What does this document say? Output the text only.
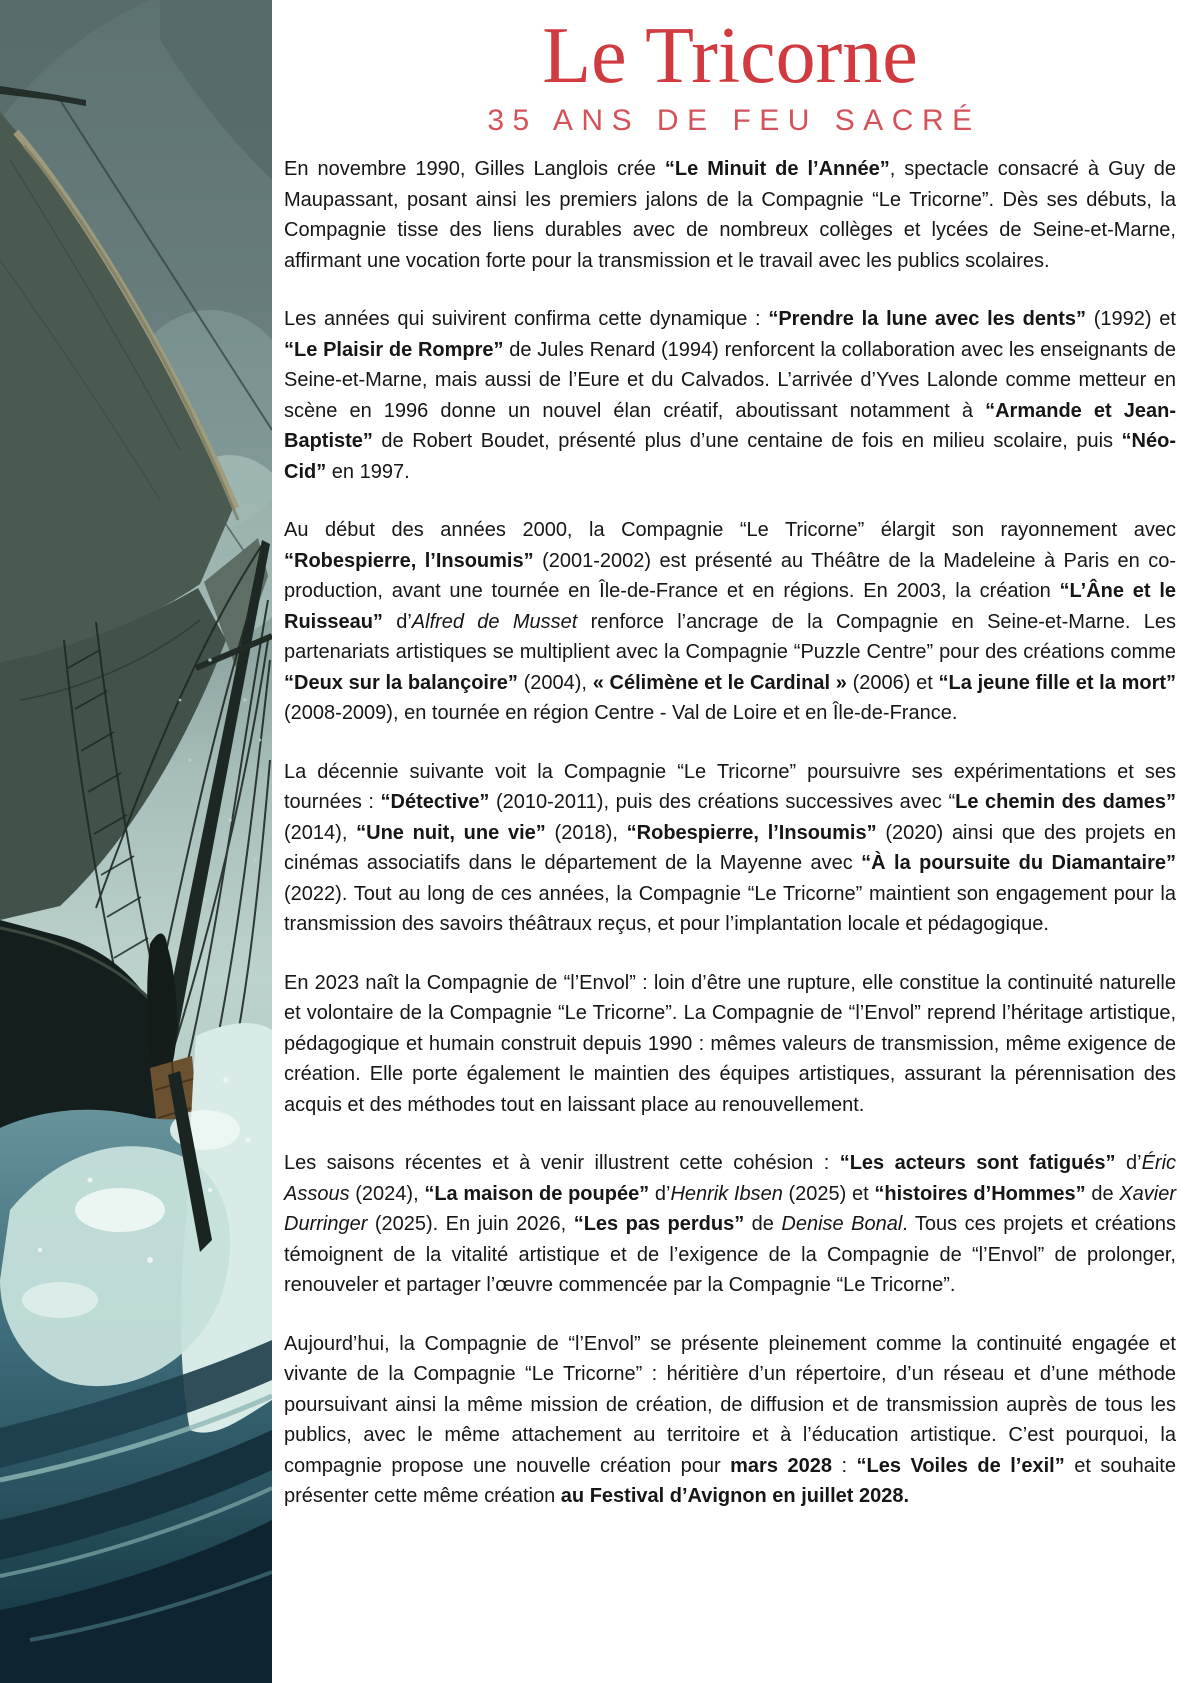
Le Tricorne
35 ANS DE FEU SACRÉ

En novembre 1990, Gilles Langlois crée “Le Minuit de l’Année”, spectacle consacré à Guy de Maupassant, posant ainsi les premiers jalons de la Compagnie “Le Tricorne”. Dès ses débuts, la Compagnie tisse des liens durables avec de nombreux collèges et lycées de Seine-et-Marne, affirmant une vocation forte pour la transmission et le travail avec les publics scolaires.

Les années qui suivirent confirma cette dynamique : “Prendre la lune avec les dents” (1992) et “Le Plaisir de Rompre” de Jules Renard (1994) renforcent la collaboration avec les enseignants de Seine-et-Marne, mais aussi de l’Eure et du Calvados. L’arrivée d’Yves Lalonde comme metteur en scène en 1996 donne un nouvel élan créatif, aboutissant notamment à “Armande et Jean-Baptiste” de Robert Boudet, présenté plus d’une centaine de fois en milieu scolaire, puis “Néo-Cid” en 1997.

Au début des années 2000, la Compagnie “Le Tricorne” élargit son rayonnement avec “Robespierre, l’Insoumis” (2001-2002) est présenté au Théâtre de la Madeleine à Paris en co-production, avant une tournée en Île-de-France et en régions. En 2003, la création “L’Âne et le Ruisseau” d’Alfred de Musset renforce l’ancrage de la Compagnie en Seine-et-Marne. Les partenariats artistiques se multiplient avec la Compagnie “Puzzle Centre” pour des créations comme “Deux sur la balançoire” (2004), « Célimène et le Cardinal » (2006) et “La jeune fille et la mort” (2008-2009), en tournée en région Centre - Val de Loire et en Île-de-France.

La décennie suivante voit la Compagnie “Le Tricorne” poursuivre ses expérimentations et ses tournées : “Détective” (2010-2011), puis des créations successives avec “Le chemin des dames” (2014), “Une nuit, une vie” (2018), “Robespierre, l’Insoumis” (2020) ainsi que des projets en cinémas associatifs dans le département de la Mayenne avec “À la poursuite du Diamantaire” (2022). Tout au long de ces années, la Compagnie “Le Tricorne” maintient son engagement pour la transmission des savoirs théâtraux reçus, et pour l’implantation locale et pédagogique.

En 2023 naît la Compagnie de “l’Envol” : loin d’être une rupture, elle constitue la continuité naturelle et volontaire de la Compagnie “Le Tricorne”. La Compagnie de “l’Envol” reprend l’héritage artistique, pédagogique et humain construit depuis 1990 : mêmes valeurs de transmission, même exigence de création. Elle porte également le maintien des équipes artistiques, assurant la pérennisation des acquis et des méthodes tout en laissant place au renouvellement.

Les saisons récentes et à venir illustrent cette cohésion : “Les acteurs sont fatigués” d’Éric Assous (2024), “La maison de poupée” d’Henrik Ibsen (2025) et “histoires d’Hommes” de Xavier Durringer (2025). En juin 2026, “Les pas perdus” de Denise Bonal. Tous ces projets et créations témoignent de la vitalité artistique et de l’exigence de la Compagnie de “l’Envol” de prolonger, renouveler et partager l’œuvre commencée par la Compagnie “Le Tricorne”.

Aujourd’hui, la Compagnie de “l’Envol” se présente pleinement comme la continuité engagée et vivante de la Compagnie “Le Tricorne” : héritière d’un répertoire, d’un réseau et d’une méthode poursuivant ainsi la même mission de création, de diffusion et de transmission auprès de tous les publics, avec le même attachement au territoire et à l’éducation artistique. C’est pourquoi, la compagnie propose une nouvelle création pour mars 2028 : “Les Voiles de l’exil” et souhaite présenter cette même création au Festival d’Avignon en juillet 2028.
